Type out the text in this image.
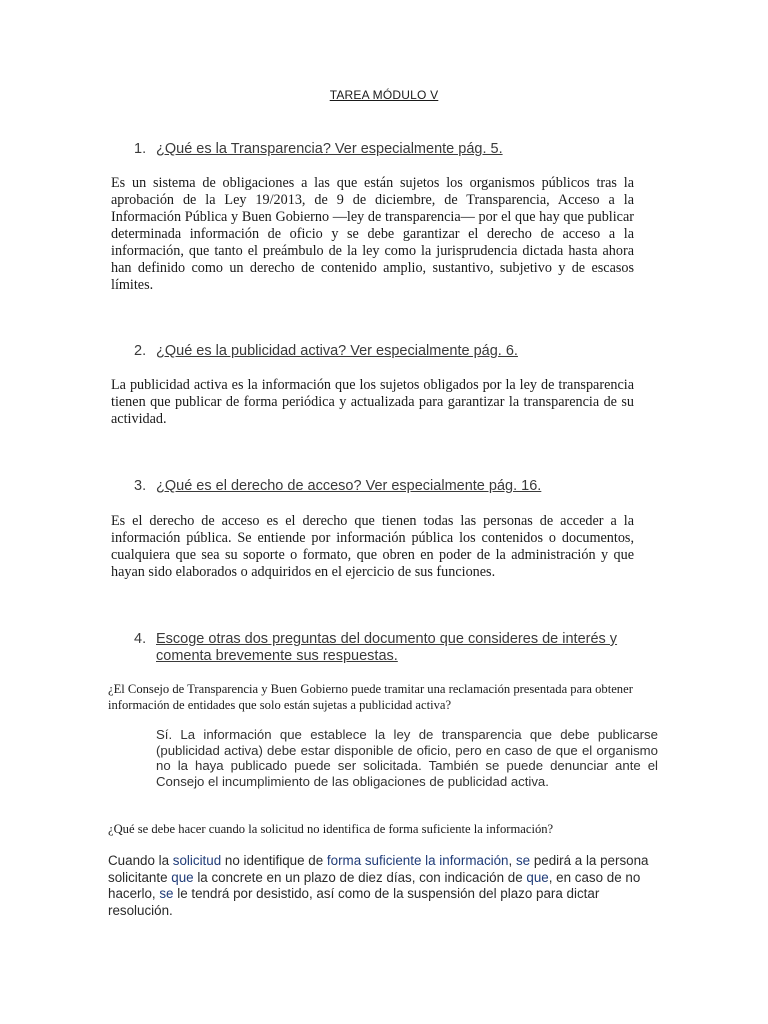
TAREA MÓDULO V
1. ¿Qué es la Transparencia? Ver especialmente pág. 5.
Es un sistema de obligaciones a las que están sujetos los organismos públicos tras la aprobación de la Ley 19/2013, de 9 de diciembre, de Transparencia, Acceso a la Información Pública y Buen Gobierno —ley de transparencia— por el que hay que publicar determinada información de oficio y se debe garantizar el derecho de acceso a la información, que tanto el preámbulo de la ley como la jurisprudencia dictada hasta ahora han definido como un derecho de contenido amplio, sustantivo, subjetivo y de escasos límites.
2. ¿Qué es la publicidad activa? Ver especialmente pág. 6.
La publicidad activa es la información que los sujetos obligados por la ley de transparencia tienen que publicar de forma periódica y actualizada para garantizar la transparencia de su actividad.
3. ¿Qué es el derecho de acceso? Ver especialmente pág. 16.
Es el derecho de acceso es el derecho que tienen todas las personas de acceder a la información pública. Se entiende por información pública los contenidos o documentos, cualquiera que sea su soporte o formato, que obren en poder de la administración y que hayan sido elaborados o adquiridos en el ejercicio de sus funciones.
4. Escoge otras dos preguntas del documento que consideres de interés y comenta brevemente sus respuestas.
¿El Consejo de Transparencia y Buen Gobierno puede tramitar una reclamación presentada para obtener información de entidades que solo están sujetas a publicidad activa?
Sí. La información que establece la ley de transparencia que debe publicarse (publicidad activa) debe estar disponible de oficio, pero en caso de que el organismo no la haya publicado puede ser solicitada. También se puede denunciar ante el Consejo el incumplimiento de las obligaciones de publicidad activa.
¿Qué se debe hacer cuando la solicitud no identifica de forma suficiente la información?
Cuando la solicitud no identifique de forma suficiente la información, se pedirá a la persona solicitante que la concrete en un plazo de diez días, con indicación de que, en caso de no hacerlo, se le tendrá por desistido, así como de la suspensión del plazo para dictar resolución.
